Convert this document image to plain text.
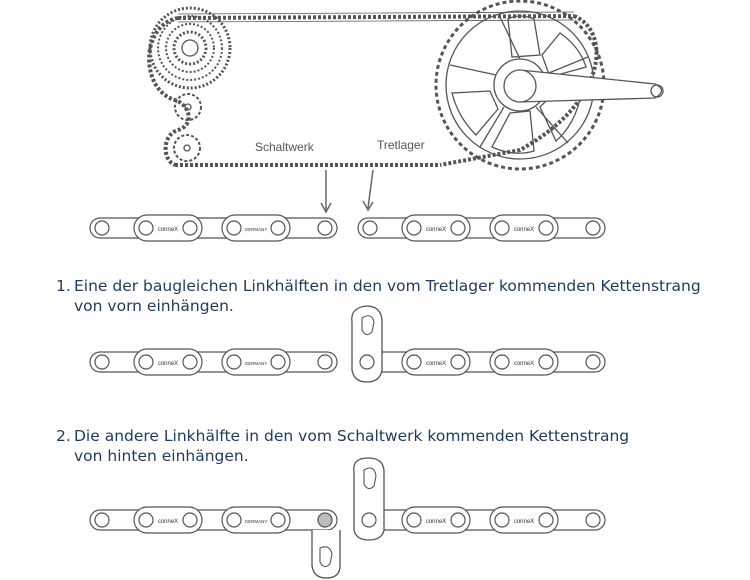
Schaltwerk	Tretlager
conneX	GERMANY	conneX	conneX
conneX	GERMANY	conneX	conneX
conneX	GERMANY	conneX	conneX
1. Eine der baugleichen Linkhälften in den vom Tretlager kommenden Kettenstrang
von vorn einhängen.
2. Die andere Linkhälfte in den vom Schaltwerk kommenden Kettenstrang
von hinten einhängen.
